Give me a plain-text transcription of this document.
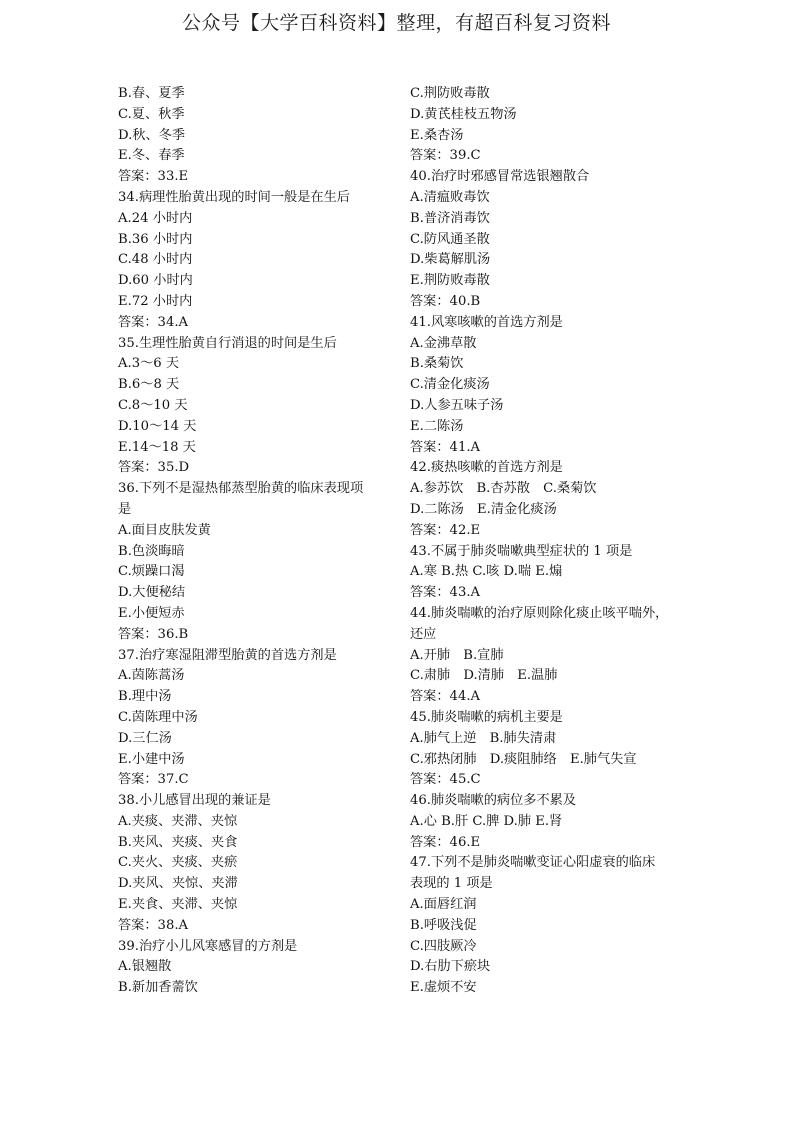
公众号【大学百科资料】整理，有超百科复习资料
B.春、夏季
C.夏、秋季
D.秋、冬季
E.冬、春季
答案：33.E
34.病理性胎黄出现的时间一般是在生后
A.24 小时内
B.36 小时内
C.48 小时内
D.60 小时内
E.72 小时内
答案：34.A
35.生理性胎黄自行消退的时间是生后
A.3～6 天
B.6～8 天
C.8～10 天
D.10～14 天
E.14～18 天
答案：35.D
36.下列不是湿热郁蒸型胎黄的临床表现项
是
A.面目皮肤发黄
B.色淡晦暗
C.烦躁口渴
D.大便秘结
E.小便短赤
答案：36.B
37.治疗寒湿阻滞型胎黄的首选方剂是
A.茵陈蒿汤
B.理中汤
C.茵陈理中汤
D.三仁汤
E.小建中汤
答案：37.C
38.小儿感冒出现的兼证是
A.夹痰、夹滞、夹惊
B.夹风、夹痰、夹食
C.夹火、夹痰、夹瘀
D.夹风、夹惊、夹滞
E.夹食、夹滞、夹惊
答案：38.A
39.治疗小儿风寒感冒的方剂是
A.银翘散
B.新加香薷饮
C.荆防败毒散
D.黄芪桂枝五物汤
E.桑杏汤
答案：39.C
40.治疗时邪感冒常选银翘散合
A.清瘟败毒饮
B.普济消毒饮
C.防风通圣散
D.柴葛解肌汤
E.荆防败毒散
答案：40.B
41.风寒咳嗽的首选方剂是
A.金沸草散
B.桑菊饮
C.清金化痰汤
D.人参五味子汤
E.二陈汤
答案：41.A
42.痰热咳嗽的首选方剂是
A.参苏饮　B.杏苏散　C.桑菊饮
D.二陈汤　E.清金化痰汤
答案：42.E
43.不属于肺炎喘嗽典型症状的 1 项是
A.寒 B.热 C.咳 D.喘 E.煽
答案：43.A
44.肺炎喘嗽的治疗原则除化痰止咳平喘外，
还应
A.开肺　B.宣肺
C.肃肺　D.清肺　E.温肺
答案：44.A
45.肺炎喘嗽的病机主要是
A.肺气上逆　B.肺失清肃
C.邪热闭肺　D.痰阻肺络　E.肺气失宣
答案：45.C
46.肺炎喘嗽的病位多不累及
A.心 B.肝 C.脾 D.肺 E.肾
答案：46.E
47.下列不是肺炎喘嗽变证心阳虚衰的临床
表现的 1 项是
A.面唇红润
B.呼吸浅促
C.四肢厥冷
D.右肋下瘀块
E.虚烦不安
